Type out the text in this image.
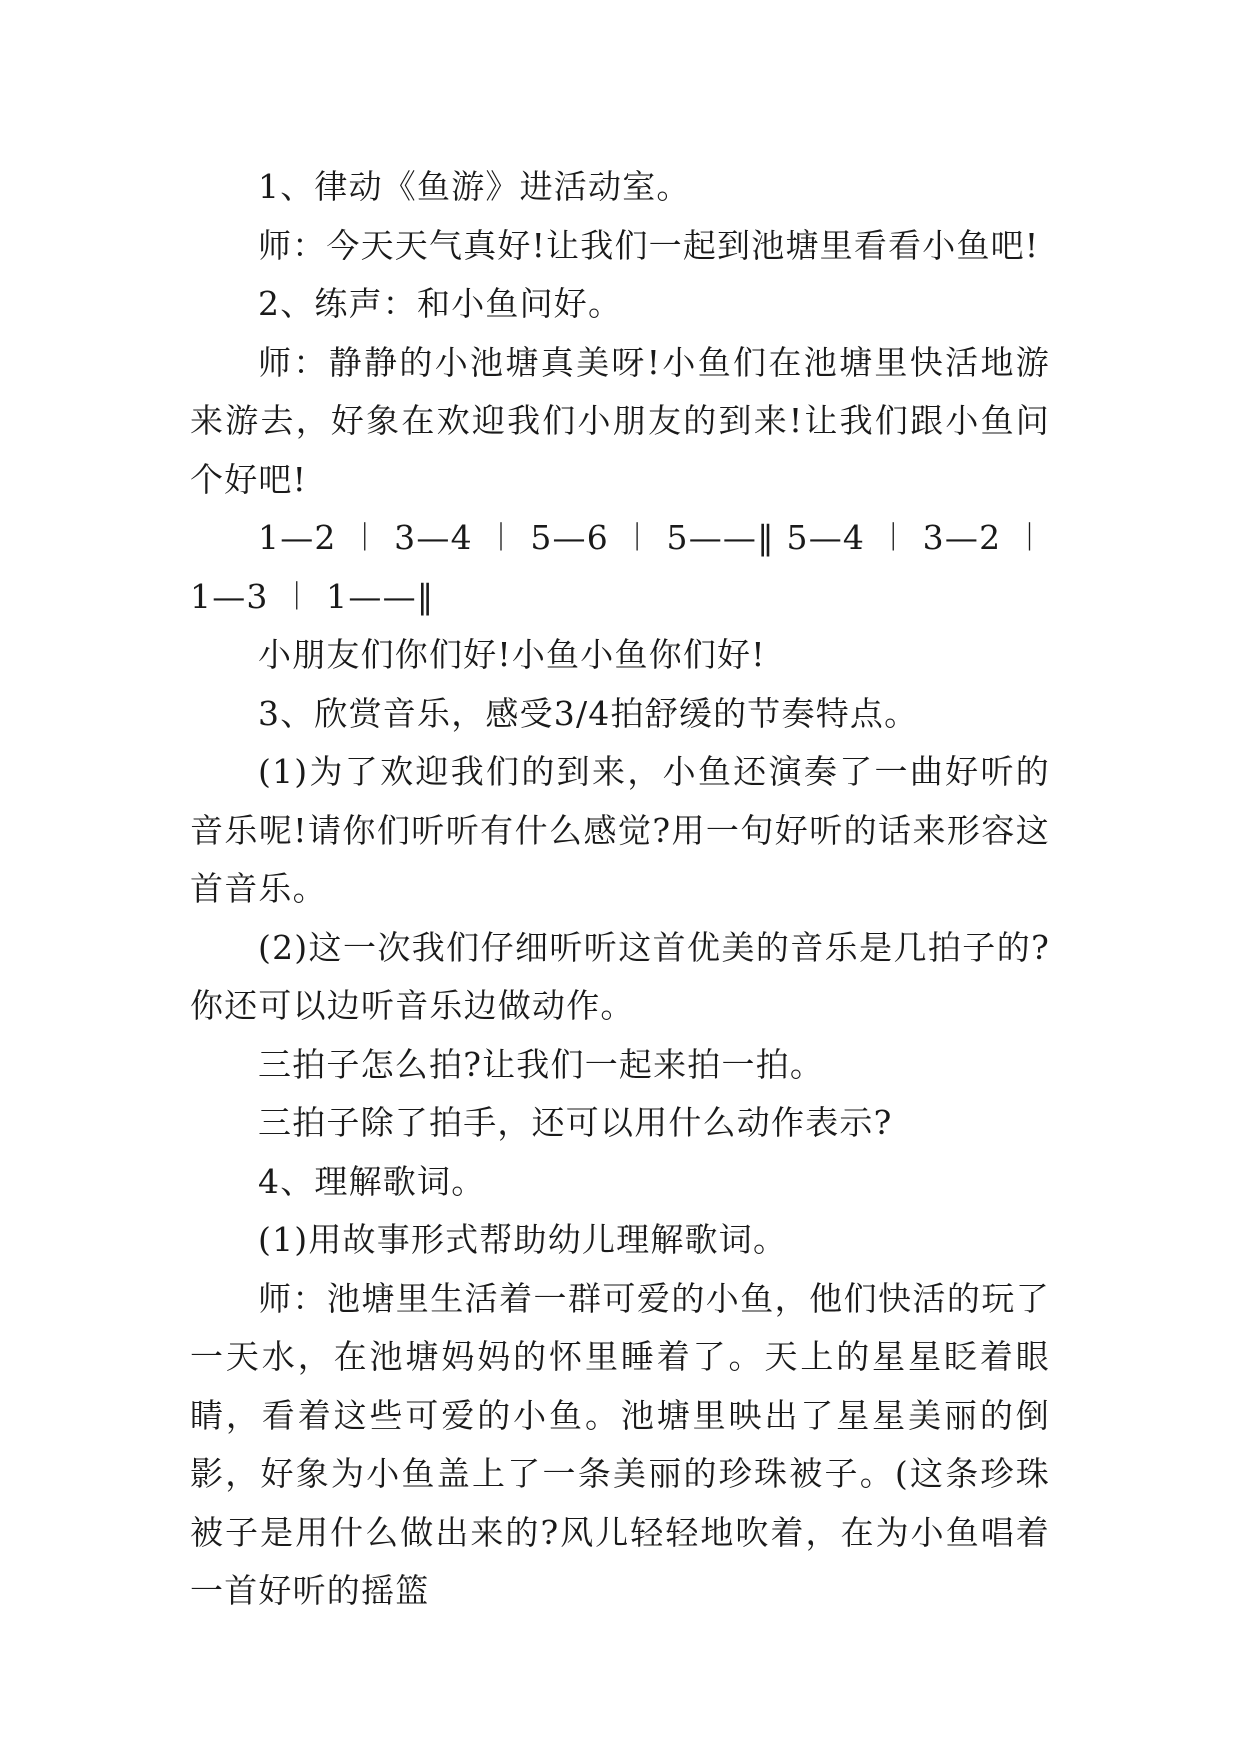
1、律动《鱼游》进活动室。

师：今天天气真好!让我们一起到池塘里看看小鱼吧!

2、练声：和小鱼问好。

师：静静的小池塘真美呀!小鱼们在池塘里快活地游来游去，好象在欢迎我们小朋友的到来!让我们跟小鱼问个好吧!

1—2 ︱ 3—4 ︱ 5—6 ︱ 5——‖ 5—4 ︱ 3—2 ︱ 1—3 ︱ 1——‖

小朋友们你们好!小鱼小鱼你们好!

3、欣赏音乐，感受3/4拍舒缓的节奏特点。

(1)为了欢迎我们的到来，小鱼还演奏了一曲好听的音乐呢!请你们听听有什么感觉?用一句好听的话来形容这首音乐。

(2)这一次我们仔细听听这首优美的音乐是几拍子的?你还可以边听音乐边做动作。

三拍子怎么拍?让我们一起来拍一拍。

三拍子除了拍手，还可以用什么动作表示?

4、理解歌词。

(1)用故事形式帮助幼儿理解歌词。

师：池塘里生活着一群可爱的小鱼，他们快活的玩了一天水，在池塘妈妈的怀里睡着了。天上的星星眨着眼睛，看着这些可爱的小鱼。池塘里映出了星星美丽的倒影，好象为小鱼盖上了一条美丽的珍珠被子。(这条珍珠被子是用什么做出来的?风儿轻轻地吹着，在为小鱼唱着一首好听的摇篮
